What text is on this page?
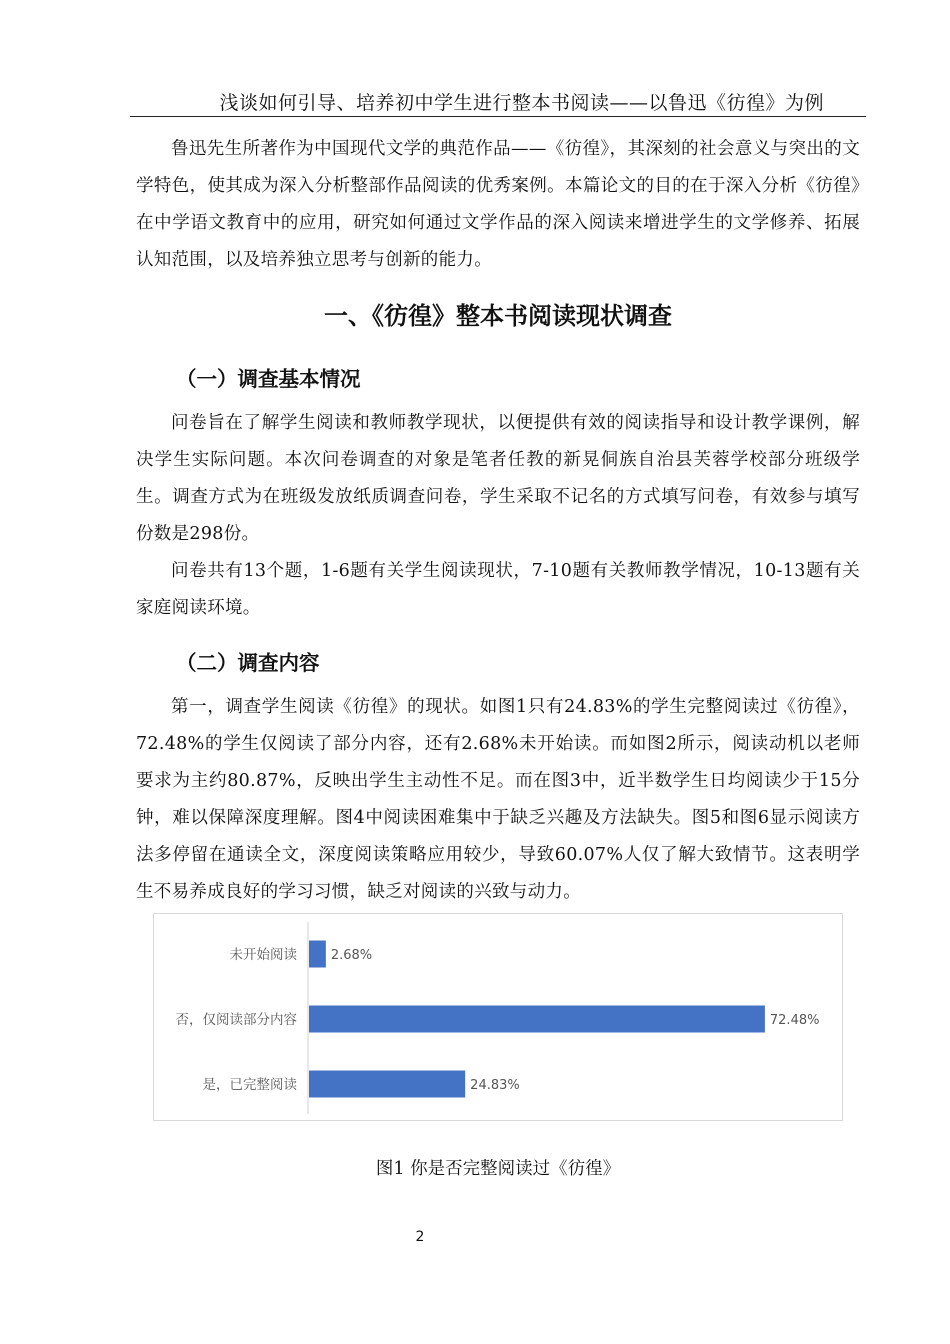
浅谈如何引导、培养初中学生进行整本书阅读——以鲁迅《彷徨》为例

鲁迅先生所著作为中国现代文学的典范作品——《彷徨》，其深刻的社会意义与突出的文学特色，使其成为深入分析整部作品阅读的优秀案例。本篇论文的目的在于深入分析《彷徨》在中学语文教育中的应用，研究如何通过文学作品的深入阅读来增进学生的文学修养、拓展认知范围，以及培养独立思考与创新的能力。

一、《彷徨》整本书阅读现状调查
（一）调查基本情况

问卷旨在了解学生阅读和教师教学现状，以便提供有效的阅读指导和设计教学课例，解决学生实际问题。本次问卷调查的对象是笔者任教的新晃侗族自治县芙蓉学校部分班级学生。调查方式为在班级发放纸质调查问卷，学生采取不记名的方式填写问卷，有效参与填写份数是298份。

问卷共有13个题，1-6题有关学生阅读现状，7-10题有关教师教学情况，10-13题有关家庭阅读环境。

（二）调查内容

第一，调查学生阅读《彷徨》的现状。如图1只有24.83%的学生完整阅读过《彷徨》，72.48%的学生仅阅读了部分内容，还有2.68%未开始读。而如图2所示，阅读动机以老师要求为主约80.87%，反映出学生主动性不足。而在图3中，近半数学生日均阅读少于15分钟，难以保障深度理解。图4中阅读困难集中于缺乏兴趣及方法缺失。图5和图6显示阅读方法多停留在通读全文，深度阅读策略应用较少，导致60.07%人仅了解大致情节。这表明学生不易养成良好的学习习惯，缺乏对阅读的兴致与动力。

未开始阅读	2.68%
否，仅阅读部分内容	72.48%
是，已完整阅读	24.83%
图1 你是否完整阅读过《彷徨》
2
